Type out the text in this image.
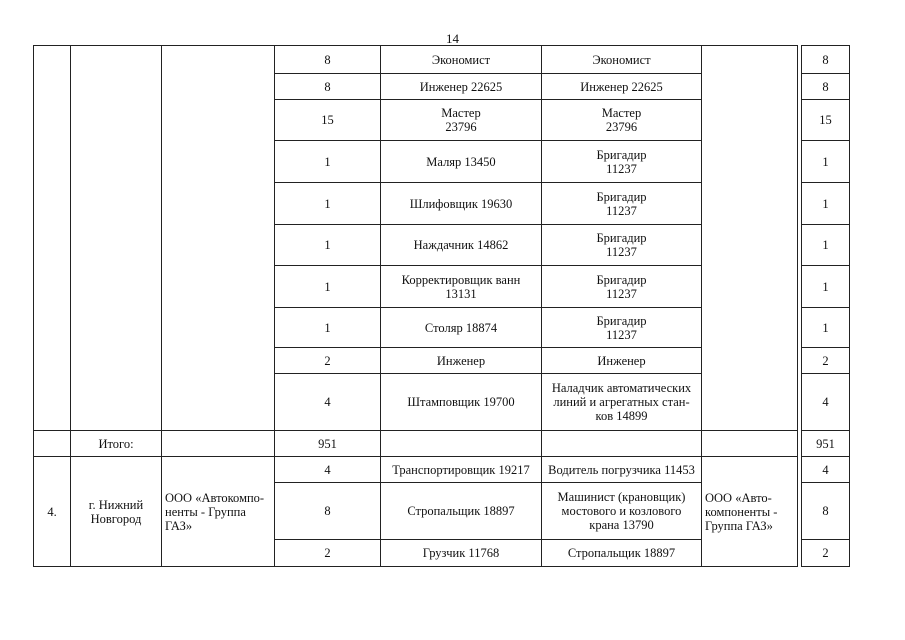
14
			8	Экономист	Экономист			8
			8	Инженер 22625	Инженер 22625			8
			15	Мастер
23796	Мастер
23796			15
			1	Маляр 13450	Бригадир
11237			1
			1	Шлифовщик 19630	Бригадир
11237			1
			1	Наждачник 14862	Бригадир
11237			1
			1	Корректировщик ванн
13131	Бригадир
11237			1
			1	Столяр 18874	Бригадир
11237			1
			2	Инженер	Инженер			2
			4	Штамповщик 19700	Наладчик автоматических
линий и агрегатных стан-
ков 14899			4
	Итого:		951					951
4.	г. Нижний
Новгород	ООО «Автокомпо-
ненты - Группа
ГАЗ»	4	Транспортировщик 19217	Водитель погрузчика 11453	ООО «Авто-
компоненты -
Группа ГАЗ»		4
			8	Стропальщик 18897	Машинист (крановщик)
мостового и козлового
крана 13790			8
			2	Грузчик 11768	Стропальщик 18897			2
